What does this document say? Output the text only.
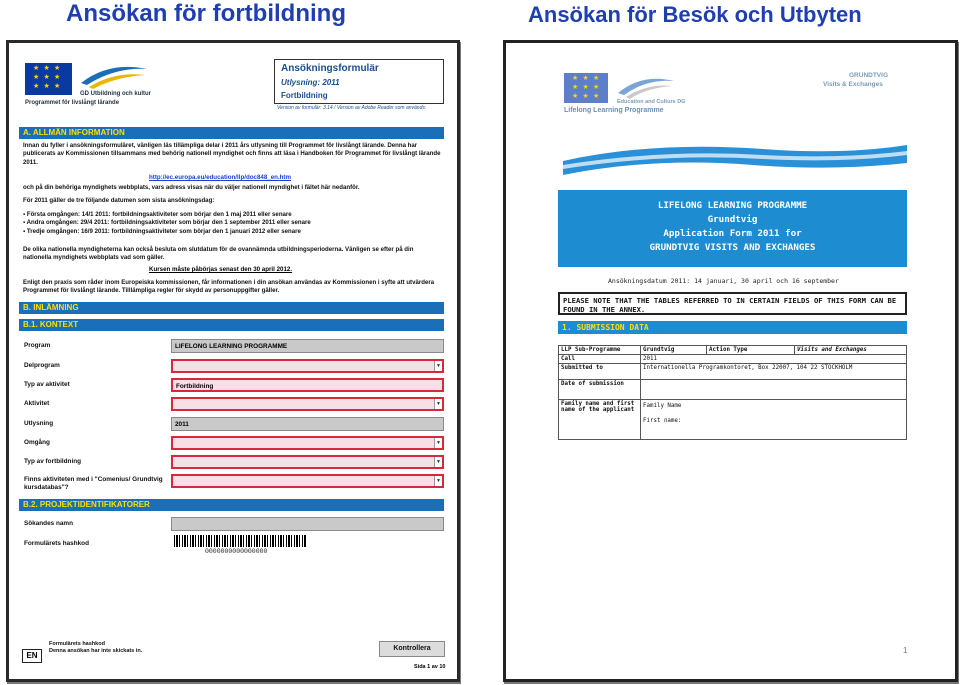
Ansökan för fortbildning	Ansökan för Besök och Utbyten
★ ★ ★ ★ ★ ★ ★ ★ ★
GD Utbildning och kultur
Programmet för livslångt lärande
Ansökningsformulär
Utlysning: 2011
Fortbildning
Version av formulär: 3.14 / Version av Adobe Reader som används:
A. ALLMÄN INFORMATION
Innan du fyller i ansökningsformuläret, vänligen läs tillämpliga delar i 2011 års utlysning till Programmet för livslångt lärande. Denna har publicerats av Kommissionen tillsammans med behörig nationell myndighet och finns att läsa i Handboken för Programmet för livslångt lärande 2011.
http://ec.europa.eu/education/llp/doc848_en.htm
och på din behöriga myndighets webbplats, vars adress visas när du väljer nationell myndighet i fältet här nedanför.
För 2011 gäller de tre följande datumen som sista ansökningsdag:
▪ Första omgången: 14/1 2011: fortbildningsaktiviteter som börjar den 1 maj 2011 eller senare
▪ Andra omgången: 29/4 2011: fortbildningsaktiviteter som börjar den 1 september 2011 eller senare
▪ Tredje omgången: 16/9 2011: fortbildningsaktiviteter som börjar den 1 januari 2012 eller senare
De olika nationella myndigheterna kan också besluta om slutdatum för de ovannämnda utbildningsperioderna. Vänligen se efter på din nationella myndighets webbplats vad som gäller.
Kursen måste påbörjas senast den 30 april 2012.
Enligt den praxis som råder inom Europeiska kommissionen, får informationen i din ansökan användas av Kommissionen i syfte att utvärdera Programmet för livslångt lärande. Tilllämpliga regler för skydd av personuppgifter gäller.
B. INLÄMNING
B.1. KONTEXT
Program	LIFELONG LEARNING PROGRAMME
Delprogram	▼
Typ av aktivitet	Fortbildning
Aktivitet	▼
Utlysning	2011
Omgång	▼
Typ av fortbildning	▼
Finns aktiviteten med i "Comenius/ Grundtvig kursdatabas"?
▼
B.2. PROJEKTIDENTIFIKATORER
Sökandes namn
Formulärets hashkod
0000000000000000
Formulärets hashkod
Denna ansökan har inte skickats in.
EN
Kontrollera
Sida 1 av 10
★ ★ ★ ★ ★ ★ ★ ★ ★
Education and Culture DG
Lifelong Learning Programme
GRUNDTVIG
Visits & Exchanges
LIFELONG LEARNING PROGRAMME
Grundtvig
Application Form 2011 for
GRUNDTVIG VISITS AND EXCHANGES
Ansökningsdatum 2011: 14 januari, 30 april och 16 september
PLEASE NOTE THAT THE TABLES REFERRED TO IN CERTAIN FIELDS OF THIS FORM CAN BE FOUND IN THE ANNEX.
1. SUBMISSION DATA
LLP Sub-Programme	Grundtvig	Action Type	Visits and Exchanges
Call	2011		
Submitted to	Internationella Programkontoret, Box 22007, 104 22 STOCKHOLM		
Date of submission			
Family name and first name of the applicant	Family Name
First name:		
1
